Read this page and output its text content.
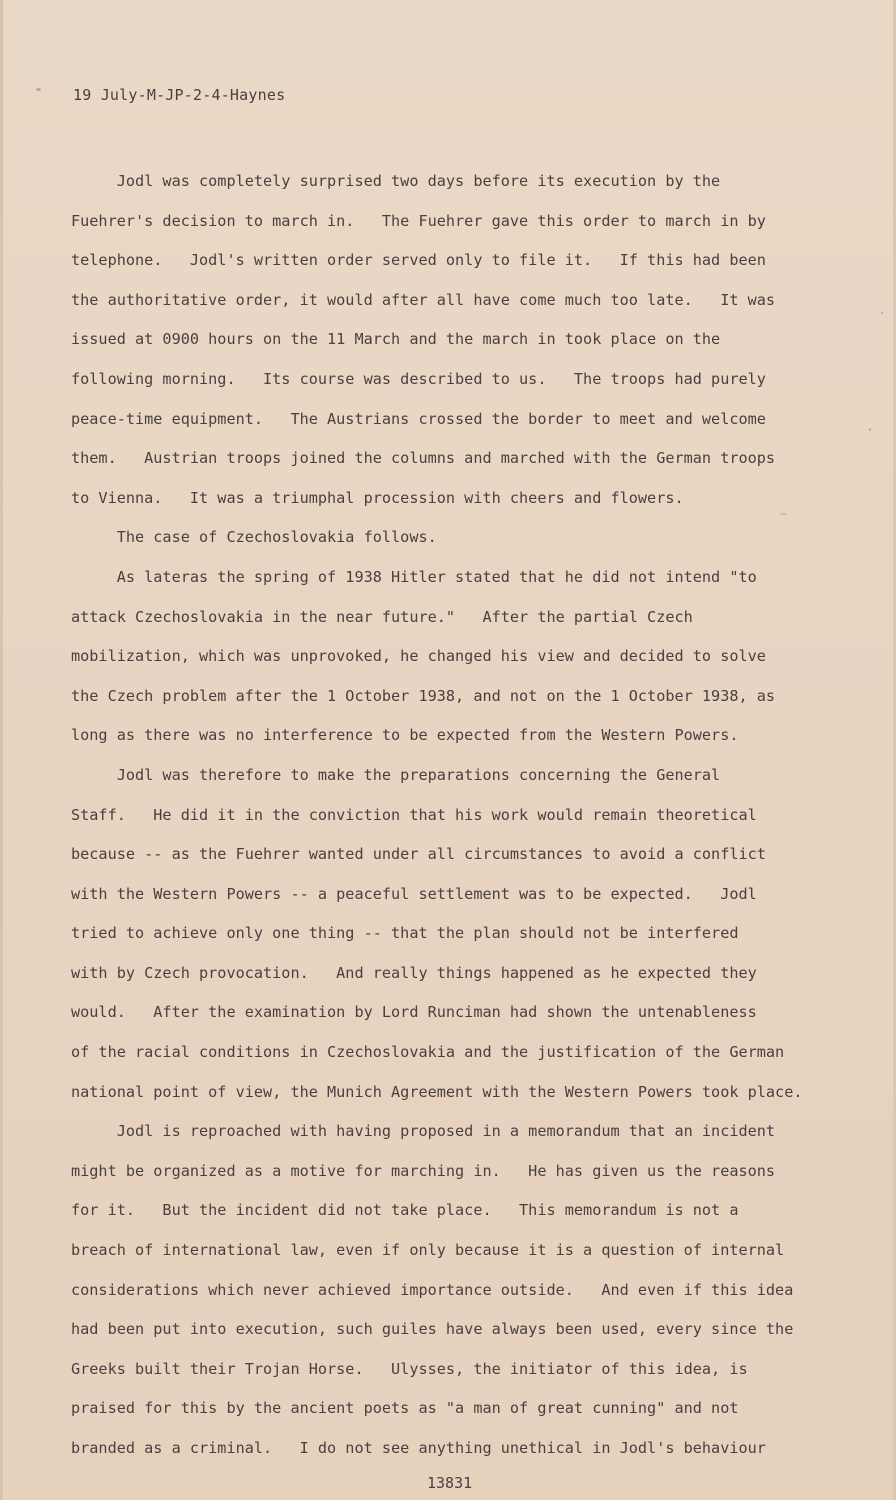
19 July-M-JP-2-4-Haynes
Jodl was completely surprised two days before its execution by the
Fuehrer's decision to march in.   The Fuehrer gave this order to march in by
telephone.   Jodl's written order served only to file it.   If this had been
the authoritative order, it would after all have come much too late.   It was
issued at 0900 hours on the 11 March and the march in took place on the
following morning.   Its course was described to us.   The troops had purely
peace-time equipment.   The Austrians crossed the border to meet and welcome
them.   Austrian troops joined the columns and marched with the German troops
to Vienna.   It was a triumphal procession with cheers and flowers.
The case of Czechoslovakia follows.
As lateras the spring of 1938 Hitler stated that he did not intend "to
attack Czechoslovakia in the near future."   After the partial Czech
mobilization, which was unprovoked, he changed his view and decided to solve
the Czech problem after the 1 October 1938, and not on the 1 October 1938, as
long as there was no interference to be expected from the Western Powers.
Jodl was therefore to make the preparations concerning the General
Staff.   He did it in the conviction that his work would remain theoretical
because -- as the Fuehrer wanted under all circumstances to avoid a conflict
with the Western Powers -- a peaceful settlement was to be expected.   Jodl
tried to achieve only one thing -- that the plan should not be interfered
with by Czech provocation.   And really things happened as he expected they
would.   After the examination by Lord Runciman had shown the untenableness
of the racial conditions in Czechoslovakia and the justification of the German
national point of view, the Munich Agreement with the Western Powers took place.
Jodl is reproached with having proposed in a memorandum that an incident
might be organized as a motive for marching in.   He has given us the reasons
for it.   But the incident did not take place.   This memorandum is not a
breach of international law, even if only because it is a question of internal
considerations which never achieved importance outside.   And even if this idea
had been put into execution, such guiles have always been used, every since the
Greeks built their Trojan Horse.   Ulysses, the initiator of this idea, is
praised for this by the ancient poets as "a man of great cunning" and not
branded as a criminal.   I do not see anything unethical in Jodl's behaviour
13831
